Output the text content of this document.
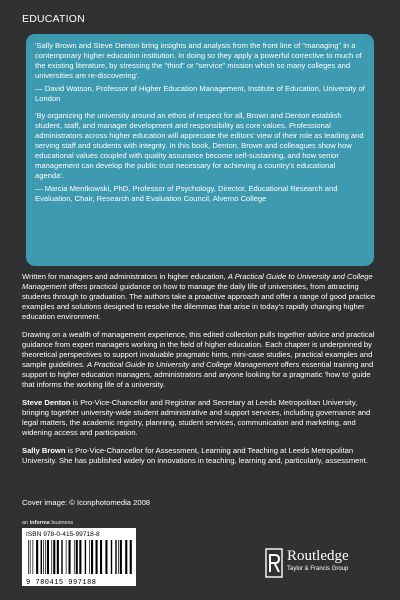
EDUCATION

'Sally Brown and Steve Denton bring insights and analysis from the front line of "managing" in a contemporary higher education institution. In doing so they apply a powerful corrective to much of the existing literature, by stressing the "third" or "service" mission which so many colleges and universities are re-discovering'.

— David Watson, Professor of Higher Education Management, Institute of Education, University of London

'By organizing the university around an ethos of respect for all, Brown and Denton establish student, staff, and manager development and responsibility as core values. Professional administrators across higher education will appreciate the editors' view of their role as leading and serving staff and students with integrity. In this book, Denton, Brown and colleagues show how educational values coupled with quality assurance become self-sustaining, and how senior management can develop the public trust necessary for achieving a country's educational agenda'.

— Marcia Mentkowski, PhD, Professor of Psychology, Director, Educational Research and Evaluation, Chair, Research and Evaluation Council, Alverno College

Written for managers and administrators in higher education, A Practical Guide to University and College Management offers practical guidance on how to manage the daily life of universities, from attracting students through to graduation. The authors take a proactive approach and offer a range of good practice examples and solutions designed to resolve the dilemmas that arise in today's rapidly changing higher education environment.

Drawing on a wealth of management experience, this edited collection pulls together advice and practical guidance from expert managers working in the field of higher education. Each chapter is underpinned by theoretical perspectives to support invaluable pragmatic hints, mini-case studies, practical examples and sample guidelines. A Practical Guide to University and College Management offers essential training and support to higher education managers, administrators and anyone looking for a pragmatic 'how to' guide that informs the working life of a university.

Steve Denton is Pro-Vice-Chancellor and Registrar and Secretary at Leeds Metropolitan University, bringing together university-wide student administrative and support services, including governance and legal matters, the academic registry, planning, student services, communication and marketing, and widening access and participation.

Sally Brown is Pro-Vice-Chancellor for Assessment, Learning and Teaching at Leeds Metropolitan University. She has published widely on innovations in teaching, learning and, particularly, assessment.

Cover image: © Iconphotomedia 2008
an informa business
ISBN 978-0-415-99718-8
9 780415 997188
Routledge
Taylor & Francis Group
